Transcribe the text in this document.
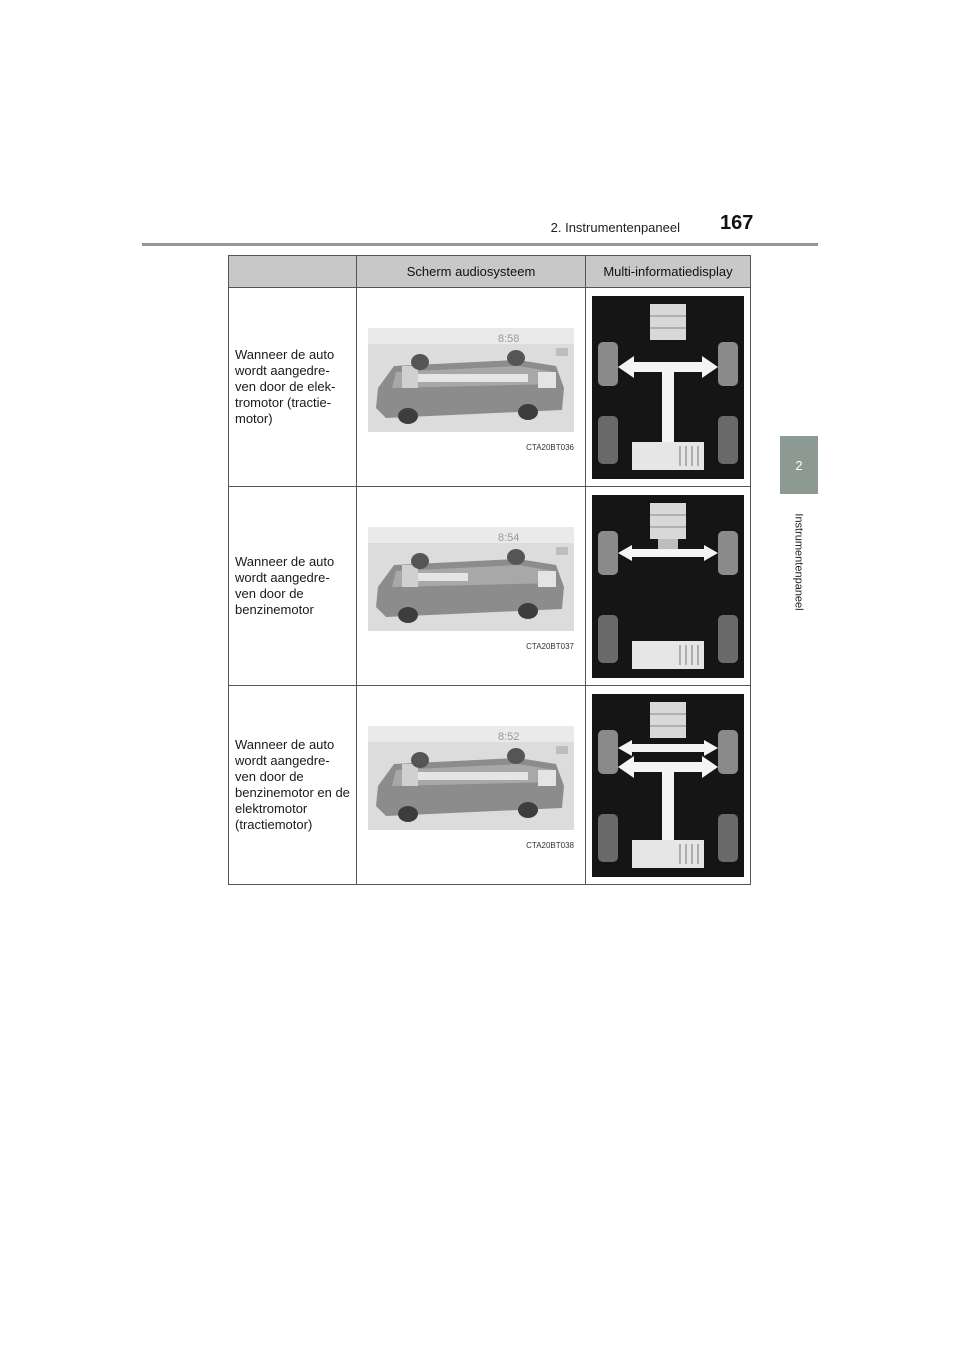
2. Instrumentenpaneel 167
2
Instrumentenpaneel
	Scherm audiosysteem	Multi-informatiedisplay

Wanneer de auto wordt aangedre-ven door de elek-tromotor (tractie-motor)	8:58
CTA20BT036

Wanneer de auto wordt aangedre-ven door de benzinemotor	8:54
CTA20BT037

Wanneer de auto wordt aangedre-ven door de benzinemotor en de elektromotor (tractiemotor)	8:52
CTA20BT038
